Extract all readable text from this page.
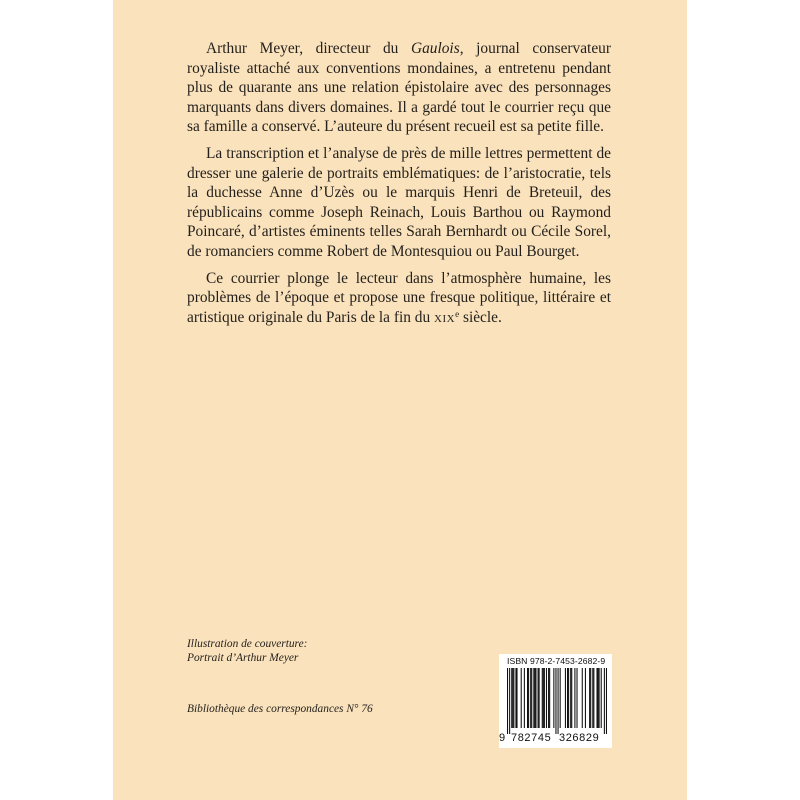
Arthur Meyer, directeur du Gaulois, journal conservateur royaliste attaché aux conventions mondaines, a entretenu pendant plus de quarante ans une relation épistolaire avec des personnages marquants dans divers domaines. Il a gardé tout le courrier reçu que sa famille a conservé. L’auteure du présent recueil est sa petite fille.

La transcription et l’analyse de près de mille lettres permettent de dresser une galerie de portraits emblématiques: de l’aristocratie, tels la duchesse Anne d’Uzès ou le marquis Henri de Breteuil, des républicains comme Joseph Reinach, Louis Barthou ou Raymond Poincaré, d’artistes éminents telles Sarah Bernhardt ou Cécile Sorel, de romanciers comme Robert de Montesquiou ou Paul Bourget.

Ce courrier plonge le lecteur dans l’atmosphère humaine, les problèmes de l’époque et propose une fresque politique, littéraire et artistique originale du Paris de la fin du xix$^e$ siècle.

Illustration de couverture:
Portrait d’Arthur Meyer
Bibliothèque des correspondances N° 76
ISBN 978-2-7453-2682-9
9 782745 326829
